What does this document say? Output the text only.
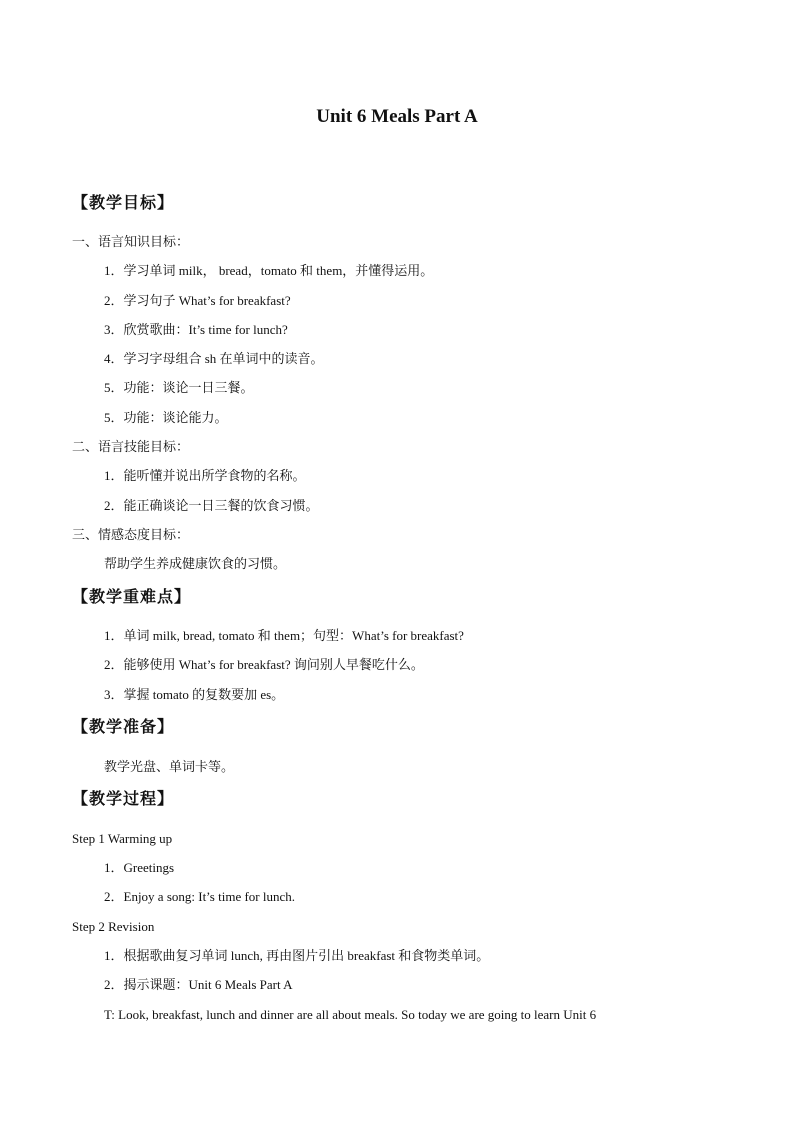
Unit 6 Meals Part A
【教学目标】
一、语言知识目标：
1．学习单词 milk， bread，tomato 和 them，并懂得运用。
2．学习句子 What’s for breakfast?
3．欣赏歌曲：It’s time for lunch?
4．学习字母组合 sh 在单词中的读音。
5．功能：谈论一日三餐。
5．功能：谈论能力。
二、语言技能目标：
1．能听懂并说出所学食物的名称。
2．能正确谈论一日三餐的饮食习惯。
三、情感态度目标：
帮助学生养成健康饮食的习惯。
【教学重难点】
1．单词 milk, bread, tomato 和 them；句型：What’s for breakfast?
2．能够使用 What’s for breakfast? 询问别人早餐吃什么。
3．掌握 tomato 的复数要加 es。
【教学准备】
教学光盘、单词卡等。
【教学过程】
Step 1 Warming up
1．Greetings
2．Enjoy a song: It’s time for lunch.
Step 2 Revision
1．根据歌曲复习单词 lunch, 再由图片引出 breakfast 和食物类单词。
2．揭示课题：Unit 6 Meals Part A
T: Look, breakfast, lunch and dinner are all about meals. So today we are going to learn Unit 6
